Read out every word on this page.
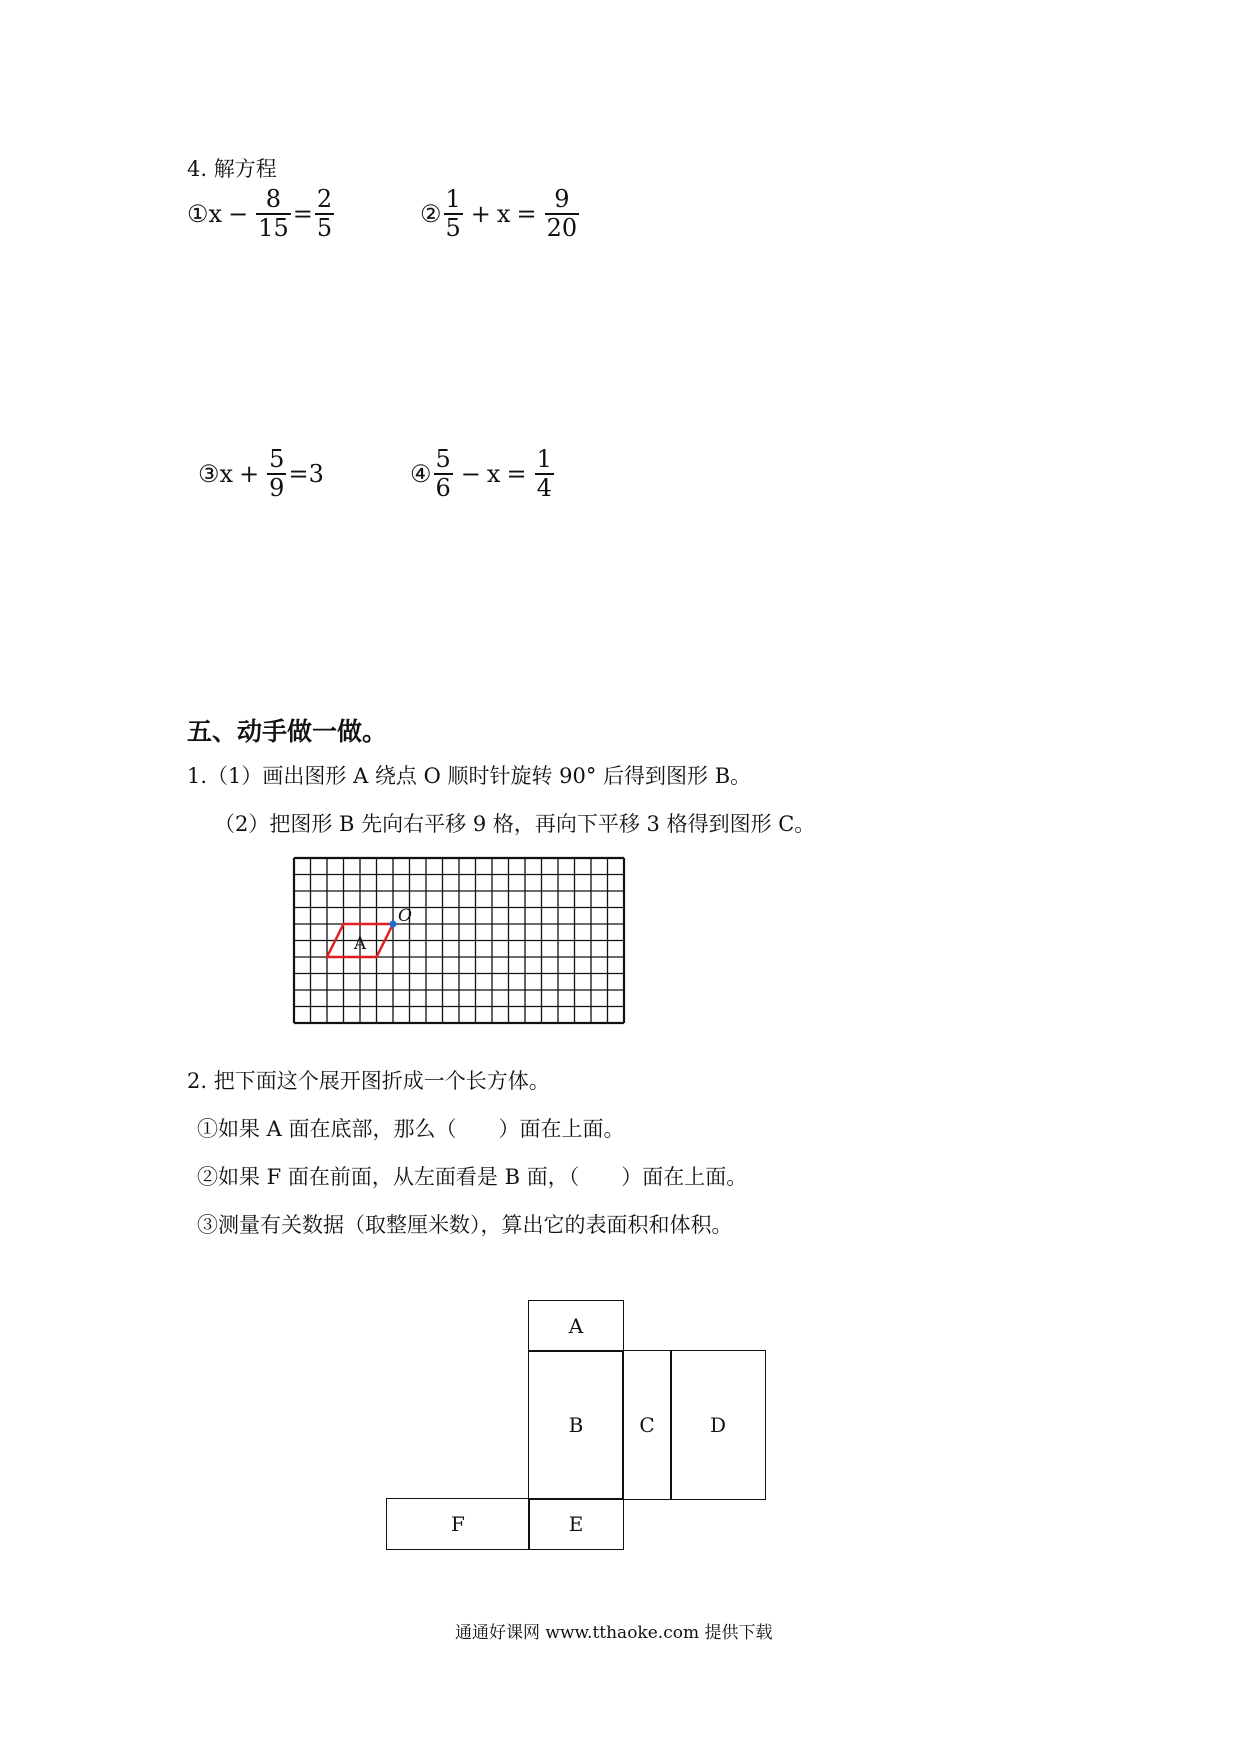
4. 解方程
① $x - \frac{8}{15} = \frac{2}{5}$	② $\frac{1}{5} + x = \frac{9}{20}$
③ $x + \frac{5}{9} = 3$	④ $\frac{5}{6} - x = \frac{1}{4}$
五、动手做一做。
1.（1）画出图形 A 绕点 O 顺时针旋转 90° 后得到图形 B。
（2）把图形 B 先向右平移 9 格，再向下平移 3 格得到图形 C。
A
O
2. 把下面这个展开图折成一个长方体。
①如果 A 面在底部，那么（　　）面在上面。
②如果 F 面在前面，从左面看是 B 面，（　　）面在上面。
③测量有关数据（取整厘米数），算出它的表面积和体积。
A
B	C	D
E
F
通通好课网 www.tthaoke.com 提供下载
